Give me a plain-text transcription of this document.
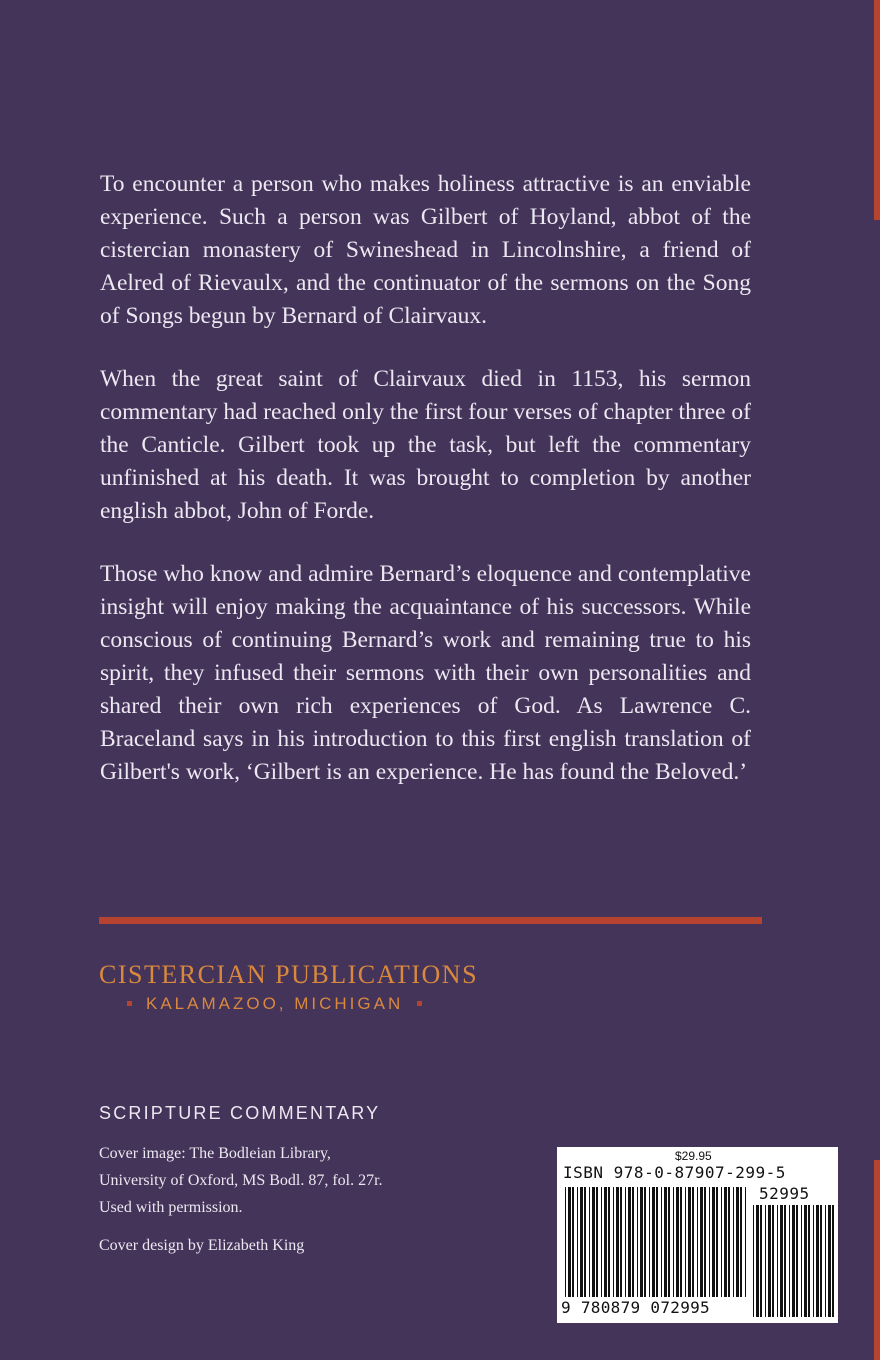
To encounter a person who makes holiness attractive is an enviable experience. Such a person was Gilbert of Hoyland, abbot of the cistercian monastery of Swineshead in Lincolnshire, a friend of Aelred of Rievaulx, and the continuator of the sermons on the Song of Songs begun by Bernard of Clairvaux.

When the great saint of Clairvaux died in 1153, his sermon commentary had reached only the first four verses of chapter three of the Canticle. Gilbert took up the task, but left the commentary unfinished at his death. It was brought to completion by another english abbot, John of Forde.

Those who know and admire Bernard’s eloquence and contemplative insight will enjoy making the acquaintance of his successors. While conscious of continuing Bernard’s work and remaining true to his spirit, they infused their sermons with their own personalities and shared their own rich experiences of God. As Lawrence C. Braceland says in his introduction to this first english translation of Gilbert's work, ‘Gilbert is an experience. He has found the Beloved.’

CISTERCIAN PUBLICATIONS
KALAMAZOO, MICHIGAN
SCRIPTURE COMMENTARY
Cover image: The Bodleian Library,
University of Oxford, MS Bodl. 87, fol. 27r.
Used with permission.
Cover design by Elizabeth King
$29.95
ISBN 978-0-87907-299-5
52995
9 780879 072995
